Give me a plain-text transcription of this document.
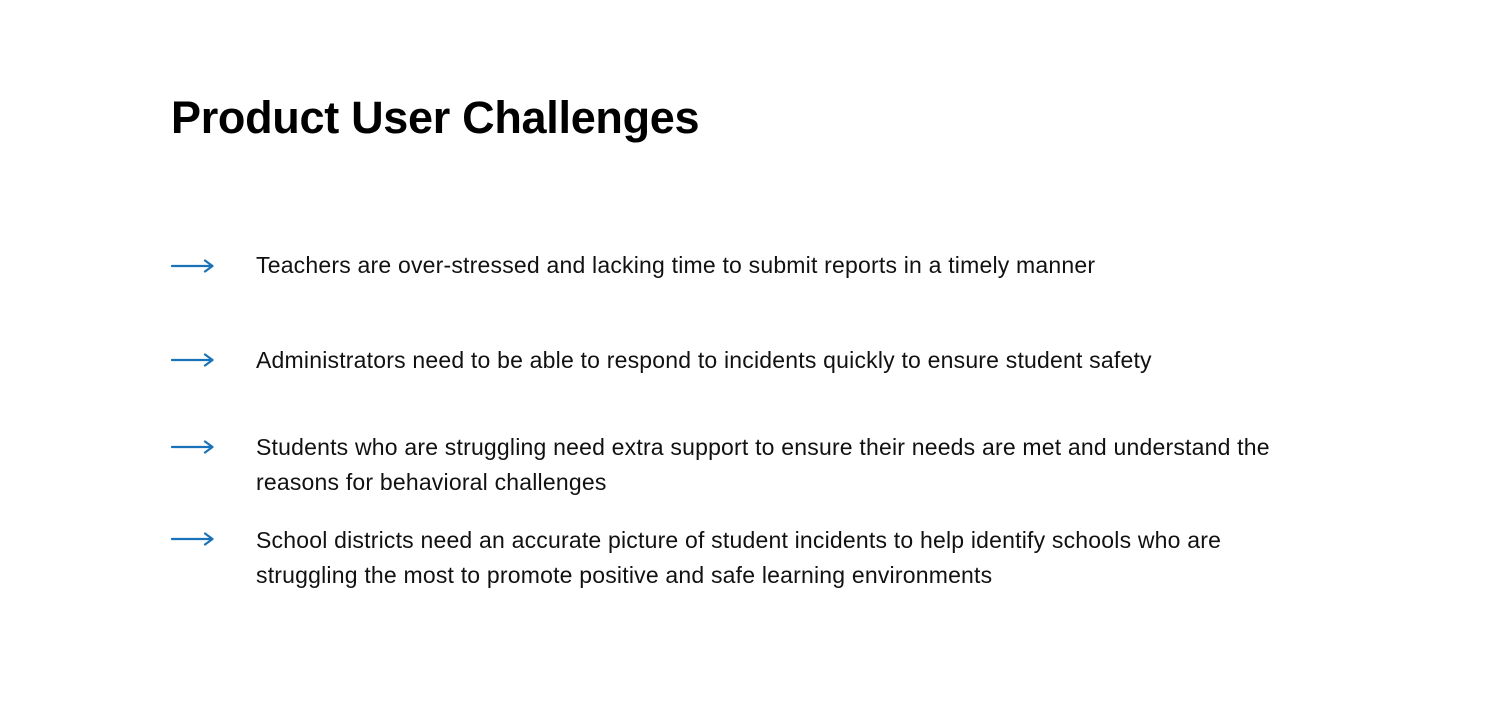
Product User Challenges
Teachers are over-stressed and lacking time to submit reports in a timely manner
Administrators need to be able to respond to incidents quickly to ensure student safety
Students who are struggling need extra support to ensure their needs are met and understand the reasons for behavioral challenges
School districts need an accurate picture of student incidents to help identify schools who are struggling the most to promote positive and safe learning environments
